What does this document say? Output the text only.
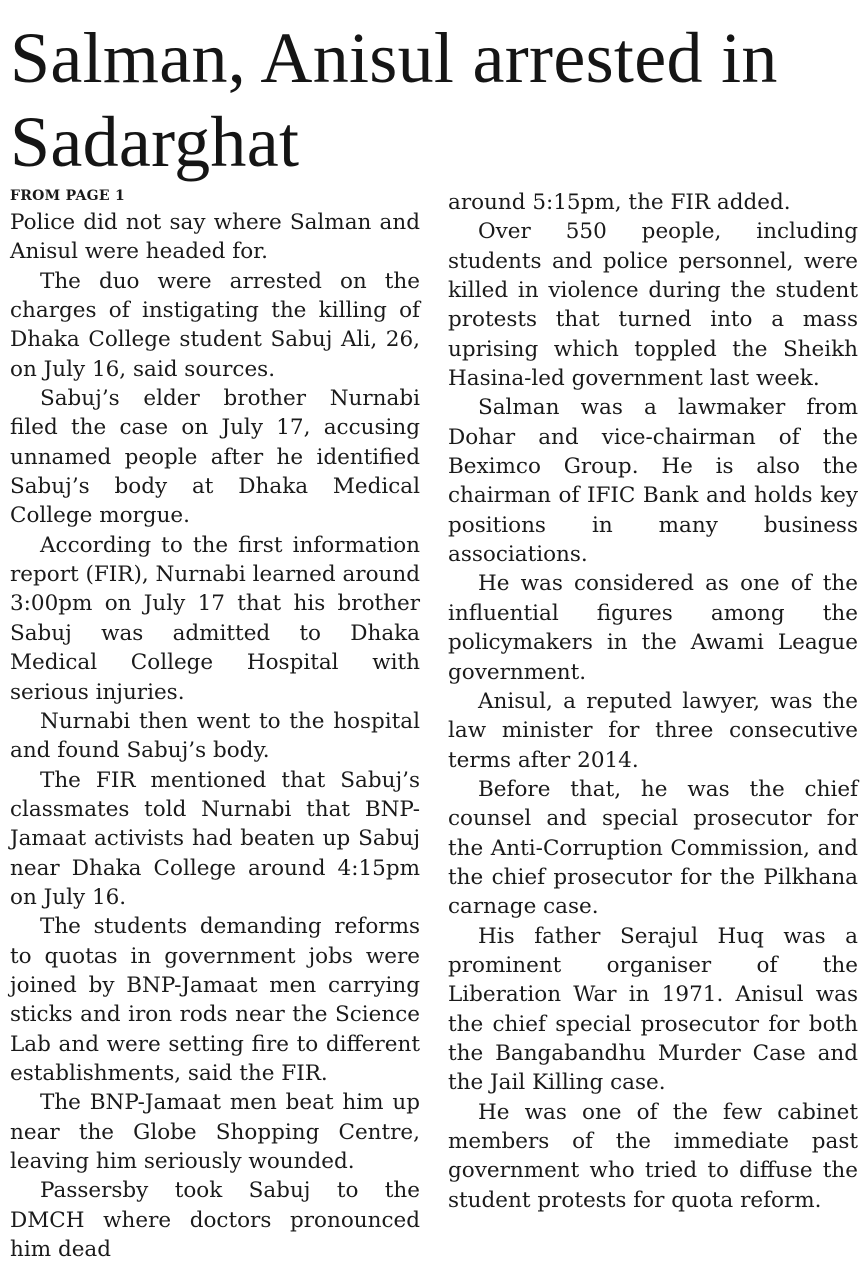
Salman, Anisul arrested in Sadarghat
FROM PAGE 1

Police did not say where Salman and Anisul were headed for.

The duo were arrested on the charges of instigating the killing of Dhaka College student Sabuj Ali, 26, on July 16, said sources.

Sabuj’s elder brother Nurnabi filed the case on July 17, accusing unnamed people after he identified Sabuj’s body at Dhaka Medical College morgue.

According to the first information report (FIR), Nurnabi learned around 3:00pm on July 17 that his brother Sabuj was admitted to Dhaka Medical College Hospital with serious injuries.

Nurnabi then went to the hospital and found Sabuj’s body.

The FIR mentioned that Sabuj’s classmates told Nurnabi that BNP-Jamaat activists had beaten up Sabuj near Dhaka College around 4:15pm on July 16.

The students demanding reforms to quotas in government jobs were joined by BNP-Jamaat men carrying sticks and iron rods near the Science Lab and were setting fire to different establishments, said the FIR.

The BNP-Jamaat men beat him up near the Globe Shopping Centre, leaving him seriously wounded.

Passersby took Sabuj to the DMCH where doctors pronounced him dead

around 5:15pm, the FIR added.

Over 550 people, including students and police personnel, were killed in violence during the student protests that turned into a mass uprising which toppled the Sheikh Hasina-led government last week.

Salman was a lawmaker from Dohar and vice-chairman of the Beximco Group. He is also the chairman of IFIC Bank and holds key positions in many business associations.

He was considered as one of the influential figures among the policymakers in the Awami League government.

Anisul, a reputed lawyer, was the law minister for three consecutive terms after 2014.

Before that, he was the chief counsel and special prosecutor for the Anti-Corruption Commission, and the chief prosecutor for the Pilkhana carnage case.

His father Serajul Huq was a prominent organiser of the Liberation War in 1971. Anisul was the chief special prosecutor for both the Bangabandhu Murder Case and the Jail Killing case.

He was one of the few cabinet members of the immediate past government who tried to diffuse the student protests for quota reform.
